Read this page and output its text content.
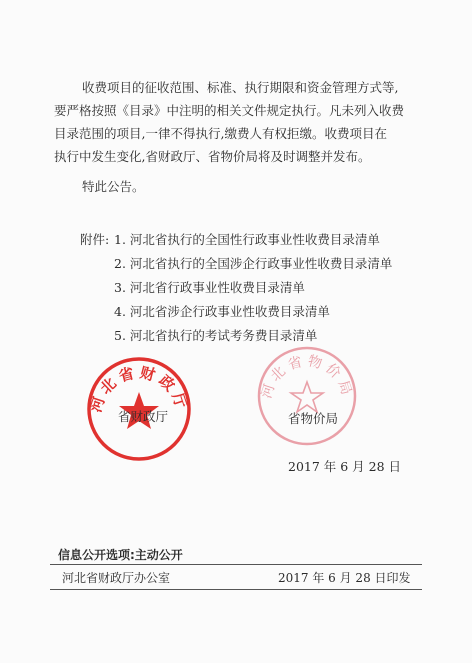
收费项目的征收范围、标准、执行期限和资金管理方式等,
要严格按照《目录》中注明的相关文件规定执行。凡未列入收费
目录范围的项目,一律不得执行,缴费人有权拒缴。收费项目在
执行中发生变化,省财政厅、省物价局将及时调整并发布。
特此公告。
附件: 1. 河北省执行的全国性行政事业性收费目录清单
2. 河北省执行的全国涉企行政事业性收费目录清单
3. 河北省行政事业性收费目录清单
4. 河北省涉企行政事业性收费目录清单
5. 河北省执行的考试考务费目录清单
河北省财政厅
河北省物价局
省财政厅	省物价局
2017 年 6 月 28 日
信息公开选项:主动公开
河北省财政厅办公室	2017 年 6 月 28 日印发
